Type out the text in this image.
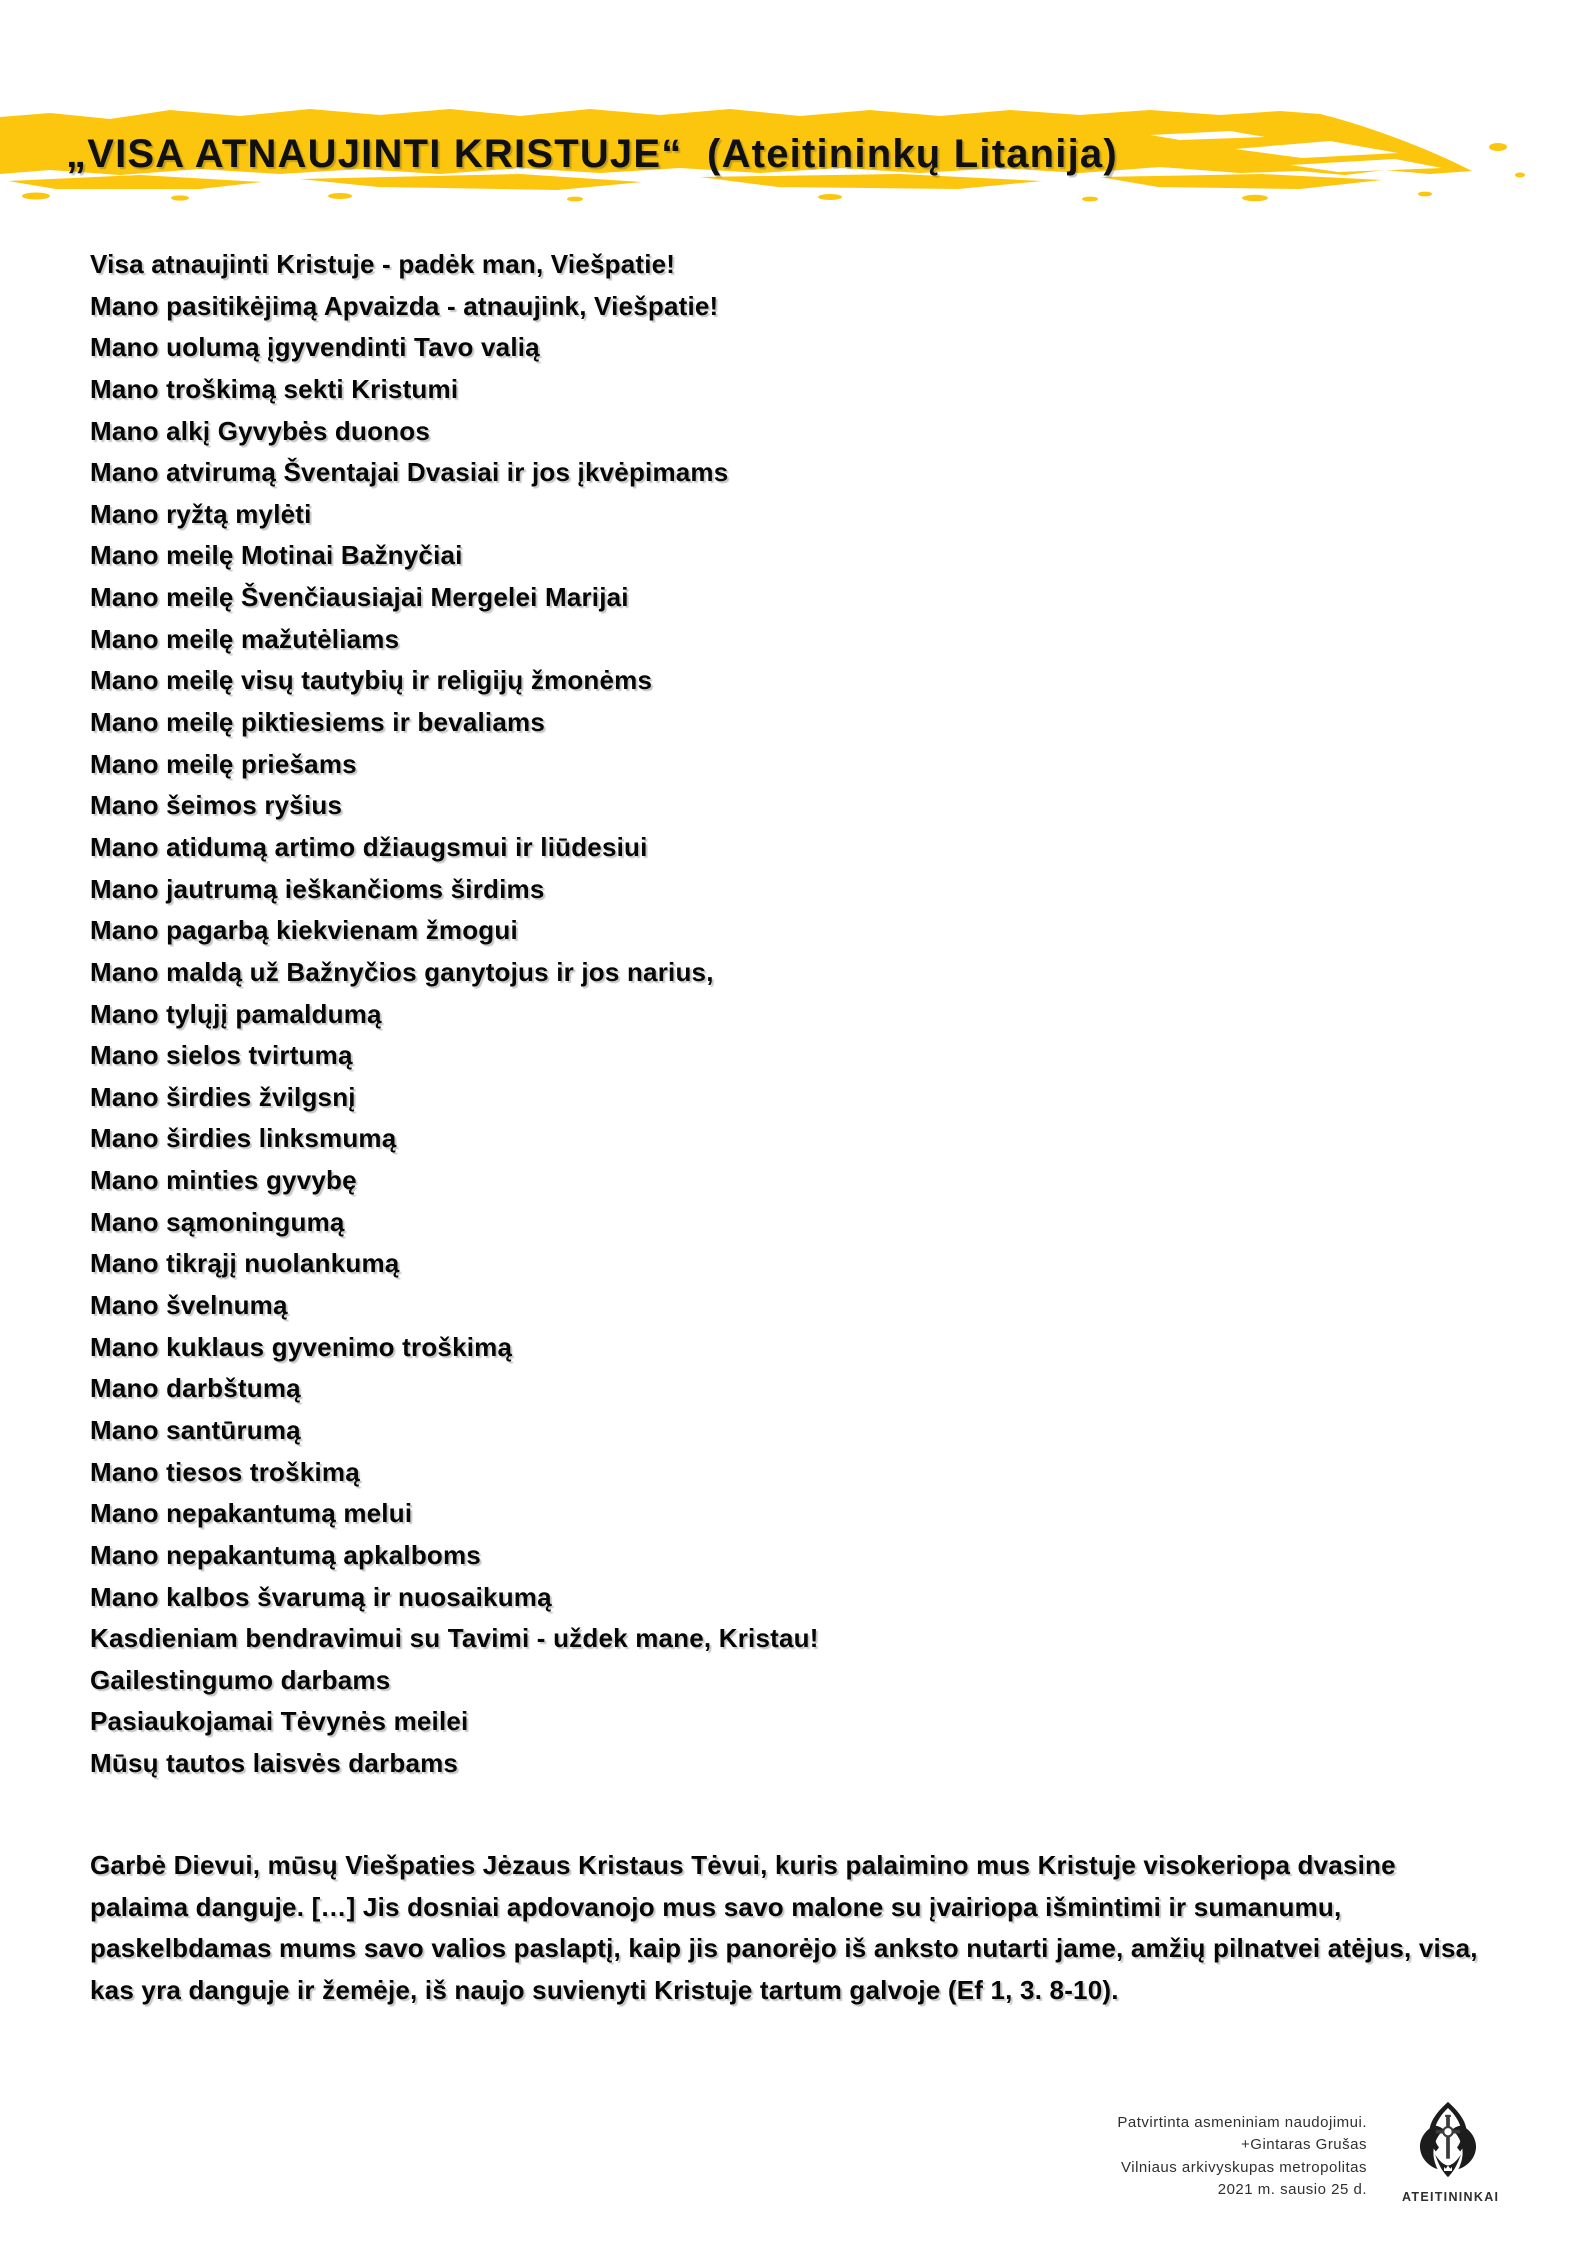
„VISA ATNAUJINTI KRISTUJE“  (Ateitininkų Litanija)
Visa atnaujinti Kristuje - padėk man, Viešpatie!
Mano pasitikėjimą Apvaizda - atnaujink, Viešpatie!
Mano uolumą įgyvendinti Tavo valią
Mano troškimą sekti Kristumi
Mano alkį Gyvybės duonos
Mano atvirumą Šventajai Dvasiai ir jos įkvėpimams
Mano ryžtą mylėti
Mano meilę Motinai Bažnyčiai
Mano meilę Švenčiausiajai Mergelei Marijai
Mano meilę mažutėliams
Mano meilę visų tautybių ir religijų žmonėms
Mano meilę piktiesiems ir bevaliams
Mano meilę priešams
Mano šeimos ryšius
Mano atidumą artimo džiaugsmui ir liūdesiui
Mano jautrumą ieškančioms širdims
Mano pagarbą kiekvienam žmogui
Mano maldą už Bažnyčios ganytojus ir jos narius,
Mano tylųjį pamaldumą
Mano sielos tvirtumą
Mano širdies žvilgsnį
Mano širdies linksmumą
Mano minties gyvybę
Mano sąmoningumą
Mano tikrąjį nuolankumą
Mano švelnumą
Mano kuklaus gyvenimo troškimą
Mano darbštumą
Mano santūrumą
Mano tiesos troškimą
Mano nepakantumą melui
Mano nepakantumą apkalboms
Mano kalbos švarumą ir nuosaikumą
Kasdieniam bendravimui su Tavimi - uždek mane, Kristau!
Gailestingumo darbams
Pasiaukojamai Tėvynės meilei
Mūsų tautos laisvės darbams

Garbė Dievui, mūsų Viešpaties Jėzaus Kristaus Tėvui, kuris palaimino mus Kristuje visokeriopa dvasine palaima danguje. […] Jis dosniai apdovanojo mus savo malone su įvairiopa išmintimi ir sumanumu, paskelbdamas mums savo valios paslaptį, kaip jis panorėjo iš anksto nutarti jame, amžių pilnatvei atėjus, visa, kas yra danguje ir žemėje, iš naujo suvienyti Kristuje tartum galvoje (Ef 1, 3. 8-10).

Patvirtinta asmeniniam naudojimui.
+Gintaras Grušas
Vilniaus arkivyskupas metropolitas
2021 m. sausio 25 d.	ATEITININKAI
